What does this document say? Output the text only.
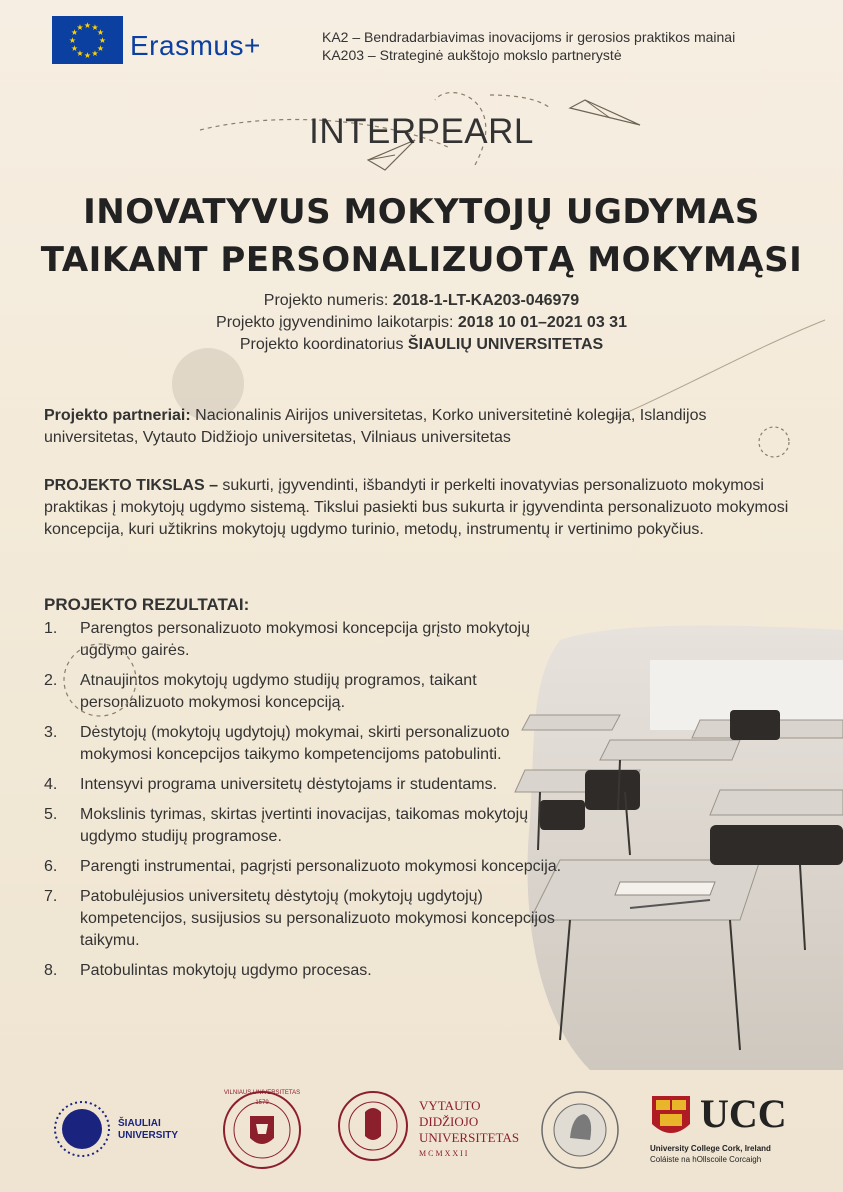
★ ★
★
★
★
★
★
★
★
★
★
★
Erasmus+	KA2 – Bendradarbiavimas inovacijoms ir gerosios praktikos mainai
KA203 – Strateginė aukštojo mokslo partnerystė
INTERPEARL
INOVATYVUS MOKYTOJŲ UGDYMAS
TAIKANT PERSONALIZUOTĄ MOKYMĄSI
Projekto numeris: 2018-1-LT-KA203-046979
Projekto įgyvendinimo laikotarpis: 2018 10 01–2021 03 31
Projekto koordinatorius ŠIAULIŲ UNIVERSITETAS
Projekto partneriai: Nacionalinis Airijos universitetas, Korko universitetinė kolegija, Islandijos universitetas, Vytauto Didžiojo universitetas, Vilniaus universitetas
PROJEKTO TIKSLAS – sukurti, įgyvendinti, išbandyti ir perkelti inovatyvias personalizuoto mokymosi praktikas į mokytojų ugdymo sistemą. Tikslui pasiekti bus sukurta ir įgyvendinta personalizuoto mokymosi koncepcija, kuri užtikrins mokytojų ugdymo turinio, metodų, instrumentų ir vertinimo pokyčius.
PROJEKTO REZULTATAI:
1.	Parengtos personalizuoto mokymosi koncepcija grįsto mokytojų ugdymo gairės.
2.	Atnaujintos mokytojų ugdymo studijų programos, taikant personalizuoto mokymosi koncepciją.
3.	Dėstytojų (mokytojų ugdytojų) mokymai, skirti personalizuoto mokymosi koncepcijos taikymo kompetencijoms patobulinti.
4.	Intensyvi programa universitetų dėstytojams ir studentams.
5.	Mokslinis tyrimas, skirtas įvertinti inovacijas, taikomas mokytojų ugdymo studijų programose.
6.	Parengti instrumentai, pagrįsti personalizuoto mokymosi koncepcija.
7.	Patobulėjusios universitetų dėstytojų (mokytojų ugdytojų) kompetencijos, susijusios su personalizuoto mokymosi koncepcijos taikymu.
8.	Patobulintas mokytojų ugdymo procesas.
ŠIAULIAI
UNIVERSITY
VILNIAUS UNIVERSITETAS
1579	VYTAUTO
DIDŽIOJO
UNIVERSITETAS
MCMXXII
UCC
University College Cork, Ireland
Coláiste na hOllscoile Corcaigh
